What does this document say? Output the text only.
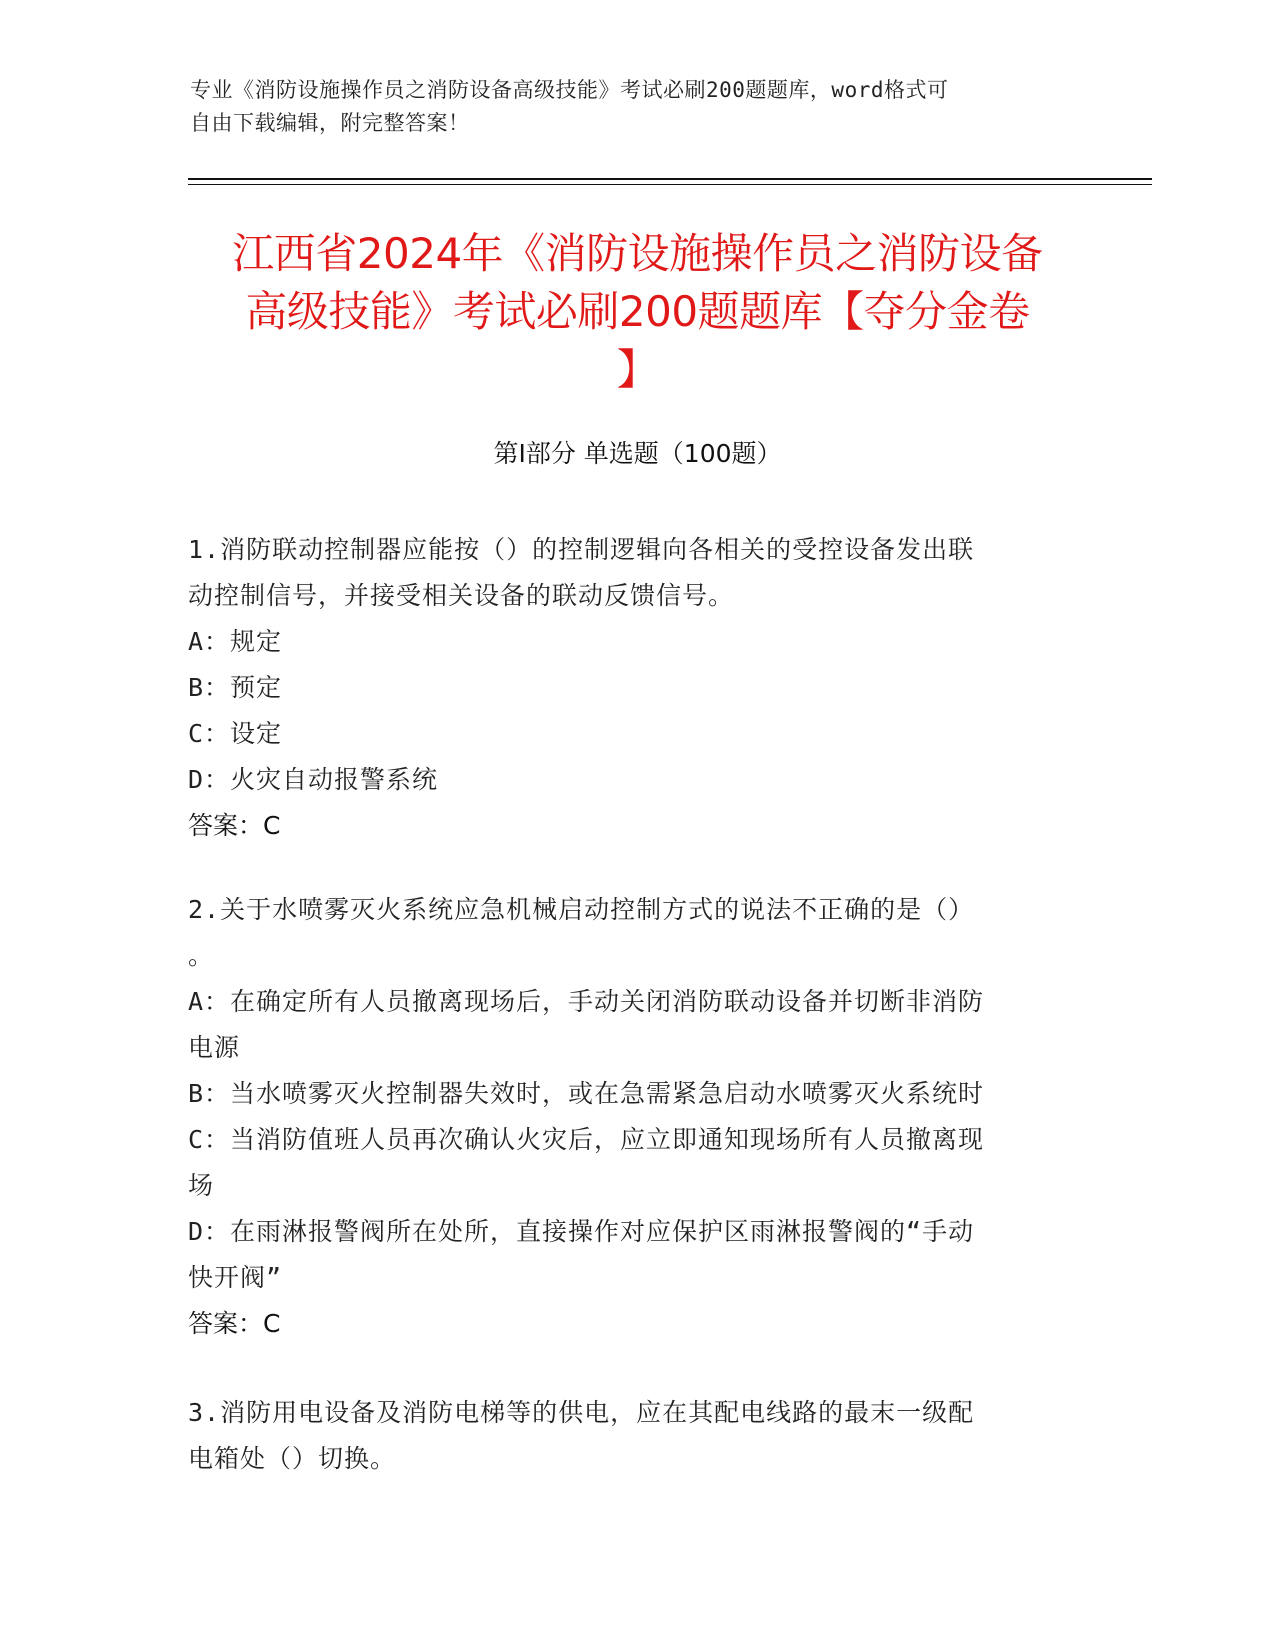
专业《消防设施操作员之消防设备高级技能》考试必刷200题题库，word格式可
自由下载编辑，附完整答案！
江西省2024年《消防设施操作员之消防设备
高级技能》考试必刷200题题库【夺分金卷
】
第Ⅰ部分 单选题（100题）
1.消防联动控制器应能按（）的控制逻辑向各相关的受控设备发出联
动控制信号，并接受相关设备的联动反馈信号。
A：规定
B：预定
C：设定
D：火灾自动报警系统
答案：C
2.关于水喷雾灭火系统应急机械启动控制方式的说法不正确的是（）
。
A：在确定所有人员撤离现场后，手动关闭消防联动设备并切断非消防
电源
B：当水喷雾灭火控制器失效时，或在急需紧急启动水喷雾灭火系统时
C：当消防值班人员再次确认火灾后，应立即通知现场所有人员撤离现
场
D：在雨淋报警阀所在处所，直接操作对应保护区雨淋报警阀的“手动
快开阀”
答案：C
3.消防用电设备及消防电梯等的供电，应在其配电线路的最末一级配
电箱处（）切换。
